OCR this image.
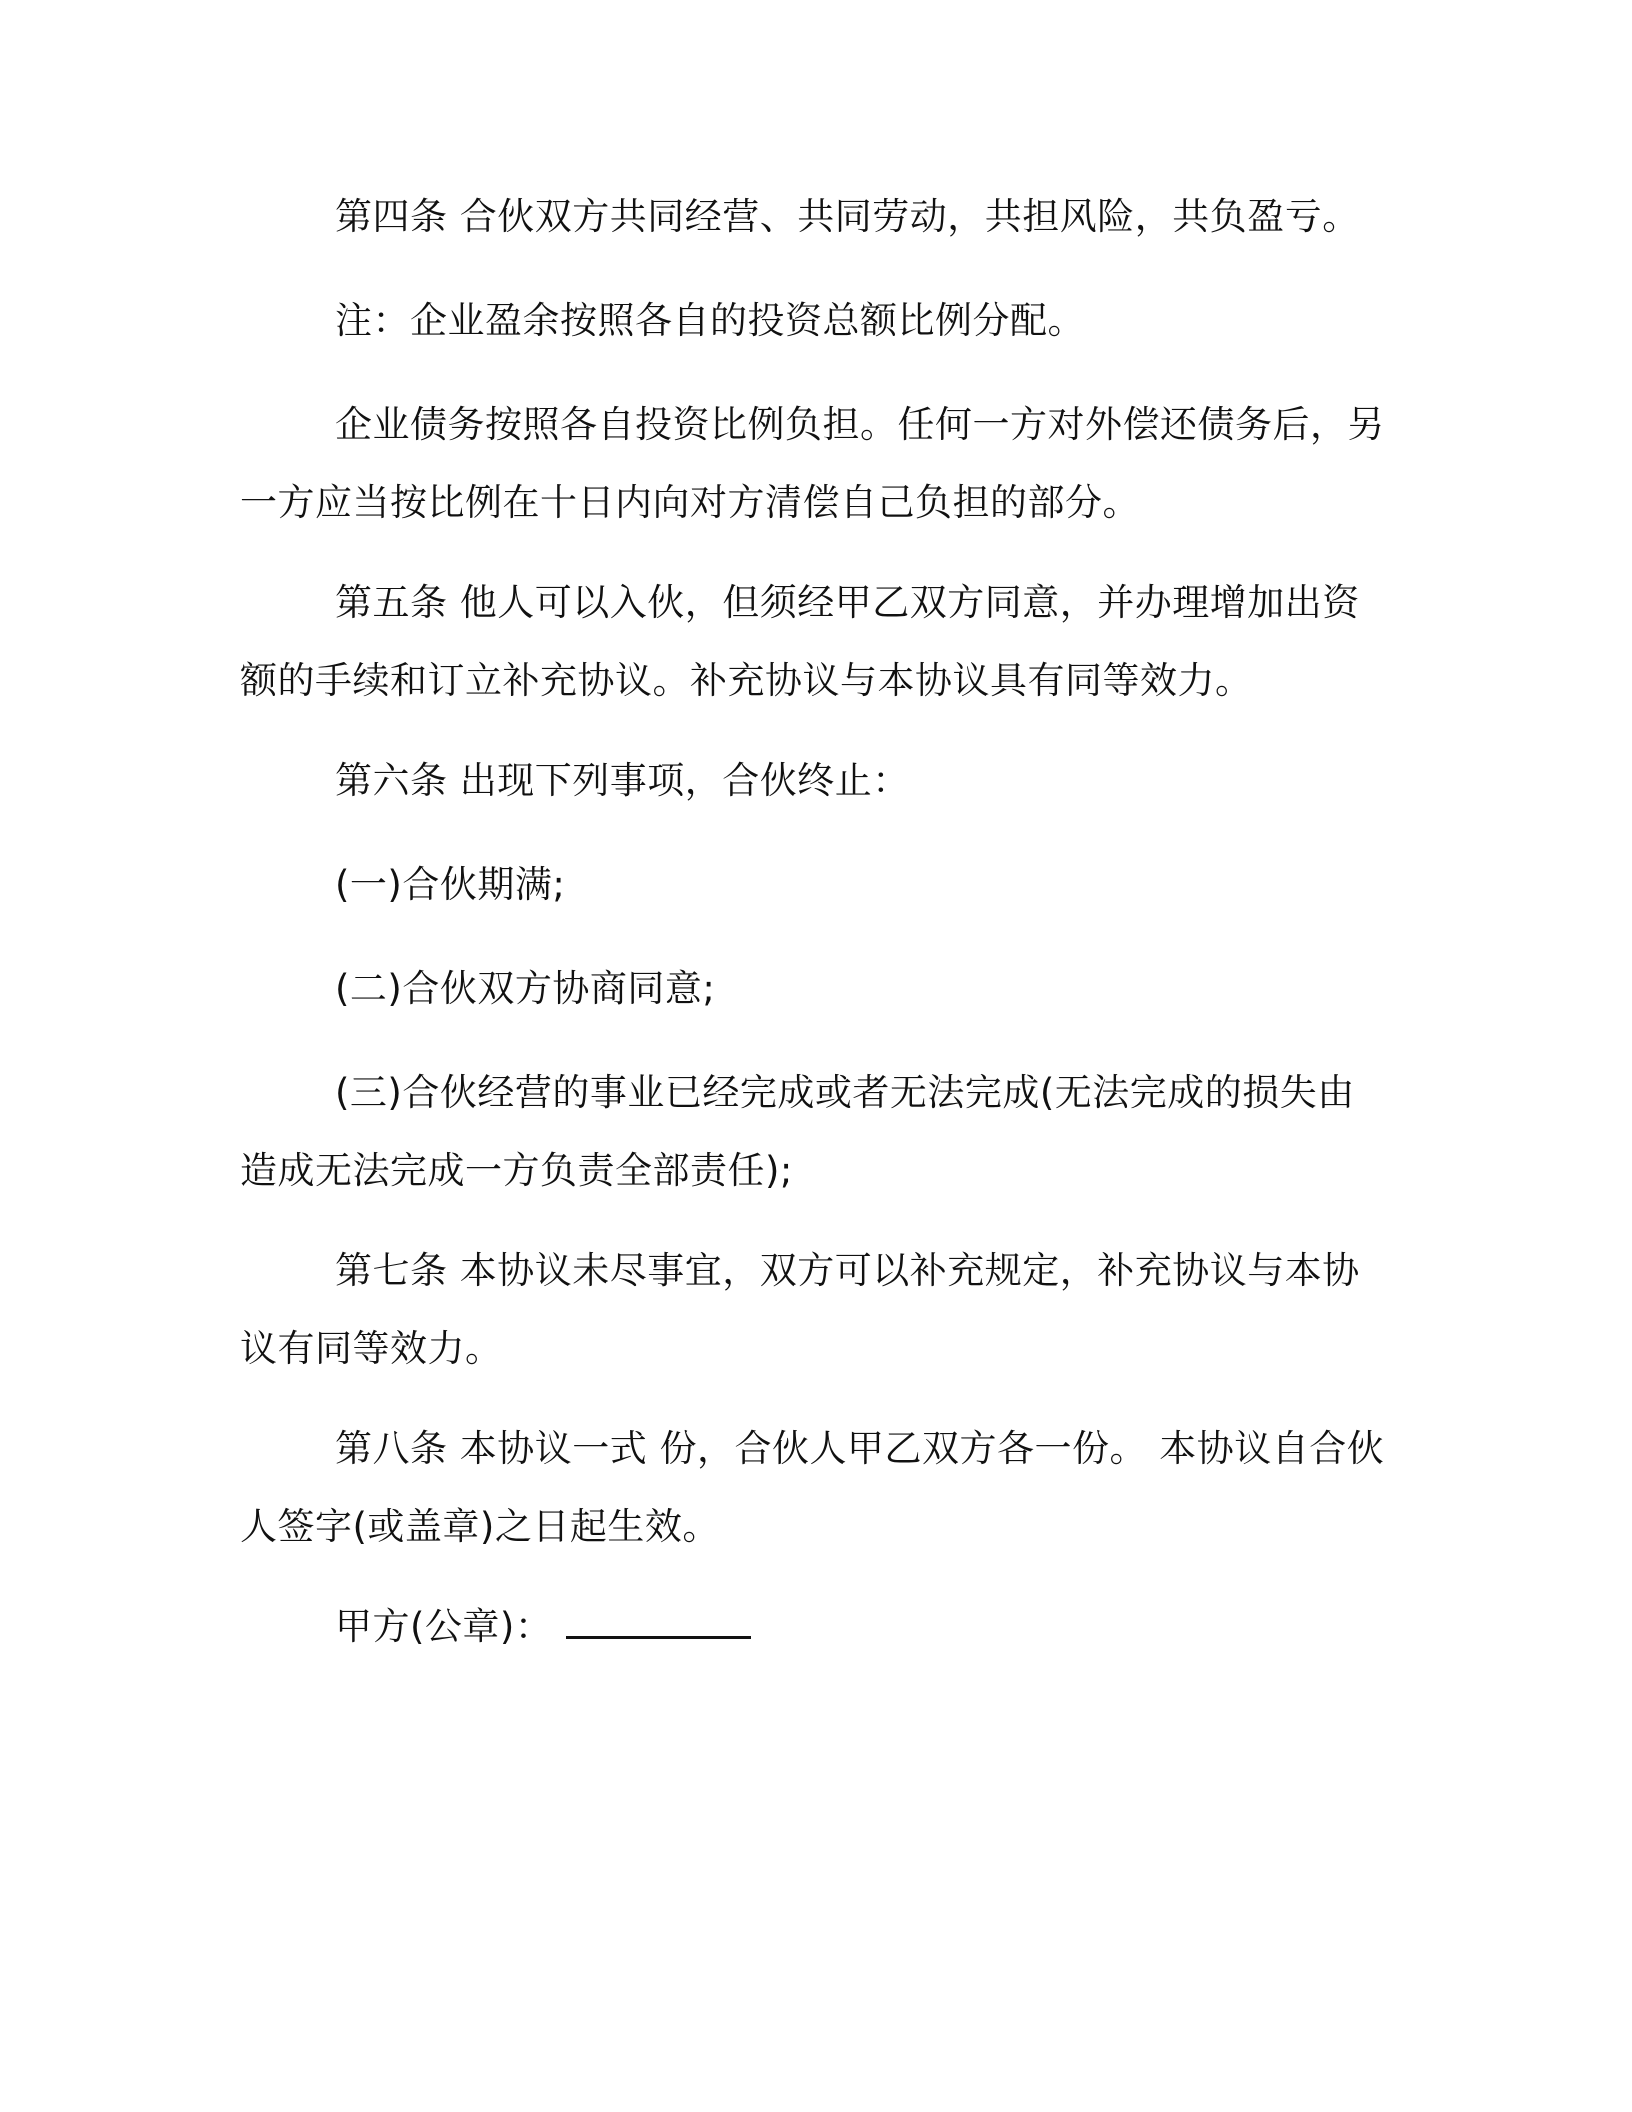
第四条 合伙双方共同经营、共同劳动，共担风险，共负盈亏。

注：企业盈余按照各自的投资总额比例分配。

企业债务按照各自投资比例负担。任何一方对外偿还债务后，另一方应当按比例在十日内向对方清偿自己负担的部分。

第五条 他人可以入伙，但须经甲乙双方同意，并办理增加出资额的手续和订立补充协议。补充协议与本协议具有同等效力。

第六条 出现下列事项，合伙终止：

(一)合伙期满;

(二)合伙双方协商同意;

(三)合伙经营的事业已经完成或者无法完成(无法完成的损失由造成无法完成一方负责全部责任);

第七条 本协议未尽事宜，双方可以补充规定，补充协议与本协议有同等效力。

第八条 本协议一式 份，合伙人甲乙双方各一份。 本协议自合伙人签字(或盖章)之日起生效。

甲方(公章)：
